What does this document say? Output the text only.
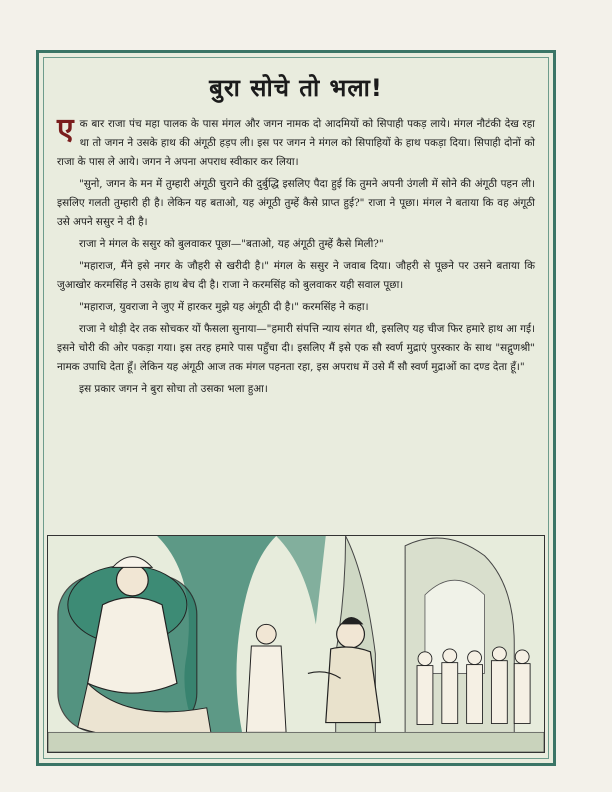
बुरा सोचे तो भला!

एक बार राजा पंच महा पालक के पास मंगल और जगन नामक दो आदमियों को सिपाही पकड़ लाये। मंगल नौटंकी देख रहा था तो जगन ने उसके हाथ की अंगूठी हड़प ली। इस पर जगन ने मंगल को सिपाहियों के हाथ पकड़ा दिया। सिपाही दोनों को राजा के पास ले आये। जगन ने अपना अपराध स्वीकार कर लिया।

"सुनो, जगन के मन में तुम्हारी अंगूठी चुराने की दुर्बुद्धि इसलिए पैदा हुई कि तुमने अपनी उंगली में सोने की अंगूठी पहन ली। इसलिए गलती तुम्हारी ही है। लेकिन यह बताओ, यह अंगूठी तुम्हें कैसे प्राप्त हुई?" राजा ने पूछा। मंगल ने बताया कि वह अंगूठी उसे अपने ससुर ने दी है।

राजा ने मंगल के ससुर को बुलवाकर पूछा—"बताओ, यह अंगूठी तुम्हें कैसे मिली?"

"महाराज, मैंने इसे नगर के जौहरी से खरीदी है।" मंगल के ससुर ने जवाब दिया। जौहरी से पूछने पर उसने बताया कि जुआखोर करमसिंह ने उसके हाथ बेच दी है। राजा ने करमसिंह को बुलवाकर यही सवाल पूछा।

"महाराज, युवराजा ने जुए में हारकर मुझे यह अंगूठी दी है।" करमसिंह ने कहा।

राजा ने थोड़ी देर तक सोचकर यों फैसला सुनाया—"हमारी संपत्ति न्याय संगत थी, इसलिए यह चीज फिर हमारे हाथ आ गई। इसने चोरी की ओर पकड़ा गया। इस तरह हमारे पास पहुँचा दी। इसलिए मैं इसे एक सौ स्वर्ण मुद्राएं पुरस्कार के साथ "सद्गुणश्री" नामक उपाधि देता हूँ। लेकिन यह अंगूठी आज तक मंगल पहनता रहा, इस अपराध में उसे मैं सौ स्वर्ण मुद्राओं का दण्ड देता हूँ।"

इस प्रकार जगन ने बुरा सोचा तो उसका भला हुआ।
